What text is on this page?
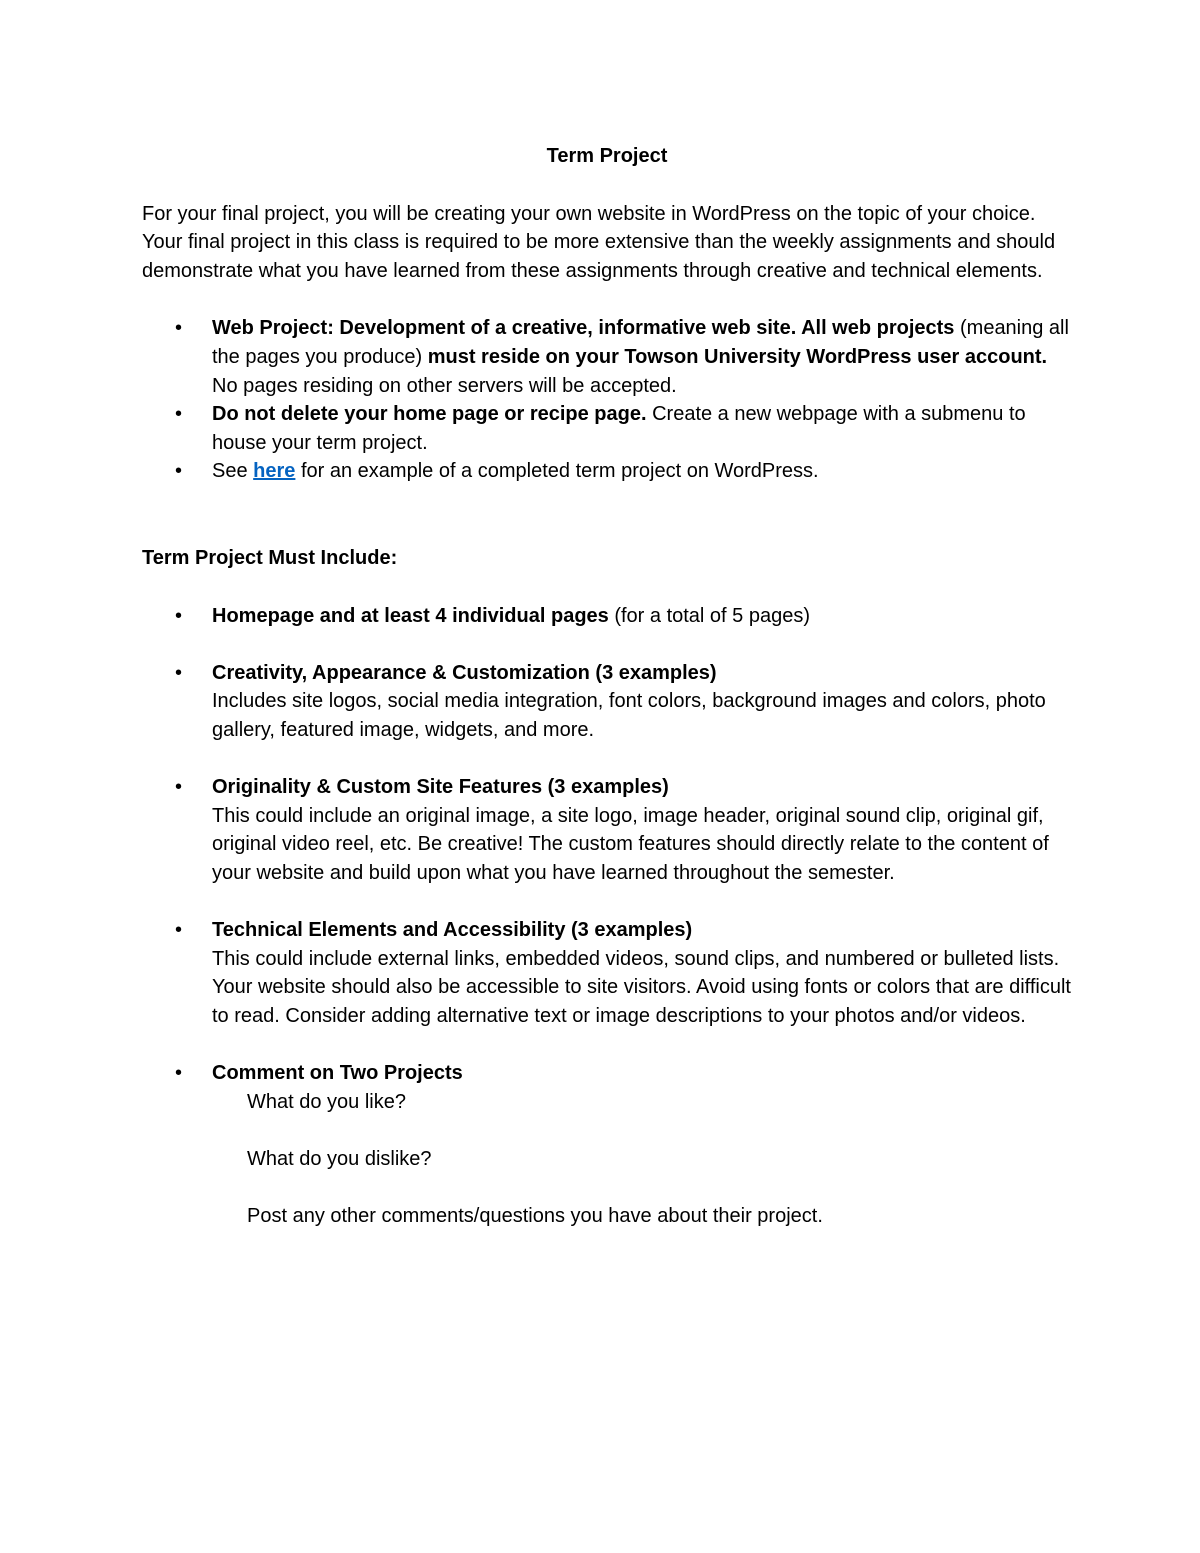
Term Project

For your final project, you will be creating your own website in WordPress on the topic of your choice. Your final project in this class is required to be more extensive than the weekly assignments and should demonstrate what you have learned from these assignments through creative and technical elements.

• Web Project: Development of a creative, informative web site. All web projects (meaning all the pages you produce) must reside on your Towson University WordPress user account. No pages residing on other servers will be accepted.
• Do not delete your home page or recipe page. Create a new webpage with a submenu to house your term project.
• See here for an example of a completed term project on WordPress.
Term Project Must Include:
• Homepage and at least 4 individual pages (for a total of 5 pages)
• Creativity, Appearance & Customization (3 examples)
Includes site logos, social media integration, font colors, background images and colors, photo gallery, featured image, widgets, and more.
• Originality & Custom Site Features (3 examples)
This could include an original image, a site logo, image header, original sound clip, original gif, original video reel, etc. Be creative! The custom features should directly relate to the content of your website and build upon what you have learned throughout the semester.
• Technical Elements and Accessibility (3 examples)
This could include external links, embedded videos, sound clips, and numbered or bulleted lists. Your website should also be accessible to site visitors. Avoid using fonts or colors that are difficult to read. Consider adding alternative text or image descriptions to your photos and/or videos.
• Comment on Two Projects
What do you like?
What do you dislike?
Post any other comments/questions you have about their project.
